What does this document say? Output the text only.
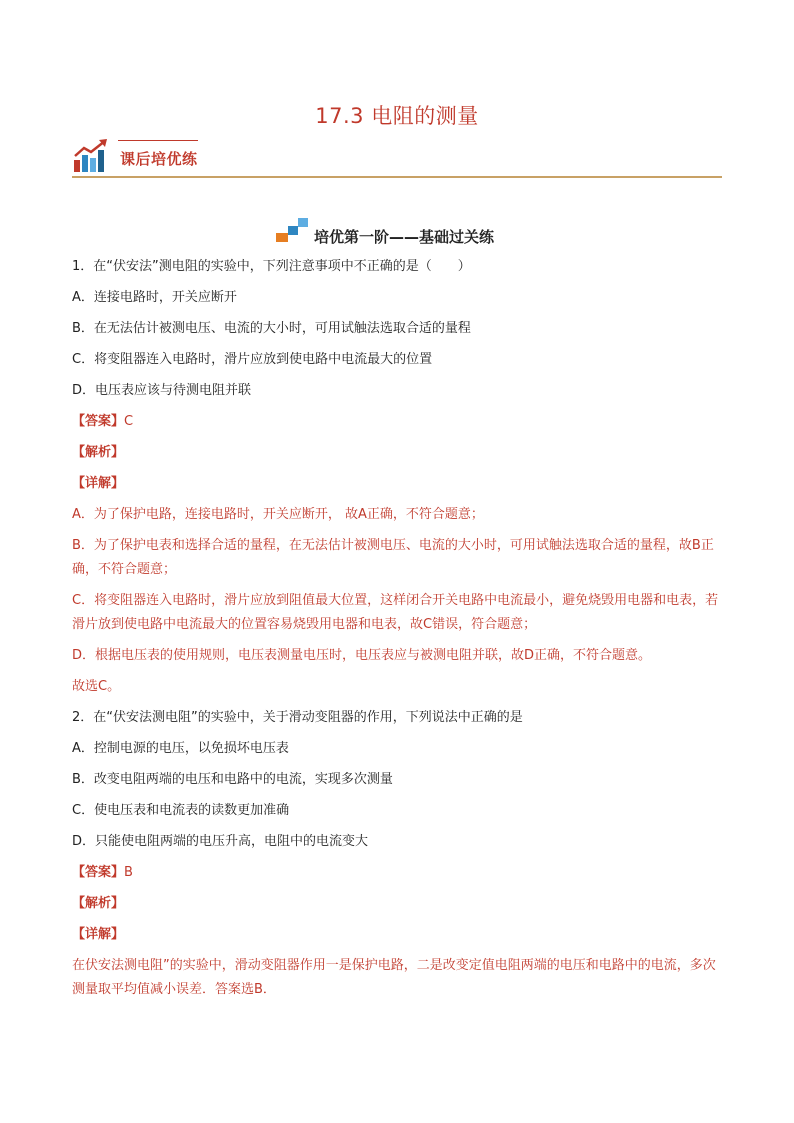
17.3 电阻的测量
课后培优练
培优第一阶——基础过关练

1．在“伏安法”测电阻的实验中，下列注意事项中不正确的是（　　）

A．连接电路时，开关应断开

B．在无法估计被测电压、电流的大小时，可用试触法选取合适的量程

C．将变阻器连入电路时，滑片应放到使电路中电流最大的位置

D．电压表应该与待测电阻并联

【答案】C

【解析】

【详解】

A．为了保护电路，连接电路时，开关应断开， 故A正确，不符合题意；

B．为了保护电表和选择合适的量程，在无法估计被测电压、电流的大小时，可用试触法选取合适的量程，故B正确，不符合题意；

C．将变阻器连入电路时，滑片应放到阻值最大位置，这样闭合开关电路中电流最小，避免烧毁用电器和电表，若滑片放到使电路中电流最大的位置容易烧毁用电器和电表，故C错误，符合题意；

D．根据电压表的使用规则，电压表测量电压时，电压表应与被测电阻并联，故D正确，不符合题意。

故选C。

2．在“伏安法测电阻”的实验中，关于滑动变阻器的作用，下列说法中正确的是

A．控制电源的电压，以免损坏电压表

B．改变电阻两端的电压和电路中的电流，实现多次测量

C．使电压表和电流表的读数更加准确

D．只能使电阻两端的电压升高，电阻中的电流变大

【答案】B

【解析】

【详解】

在伏安法测电阻”的实验中，滑动变阻器作用一是保护电路，二是改变定值电阻两端的电压和电路中的电流，多次测量取平均值减小误差．答案选B．
